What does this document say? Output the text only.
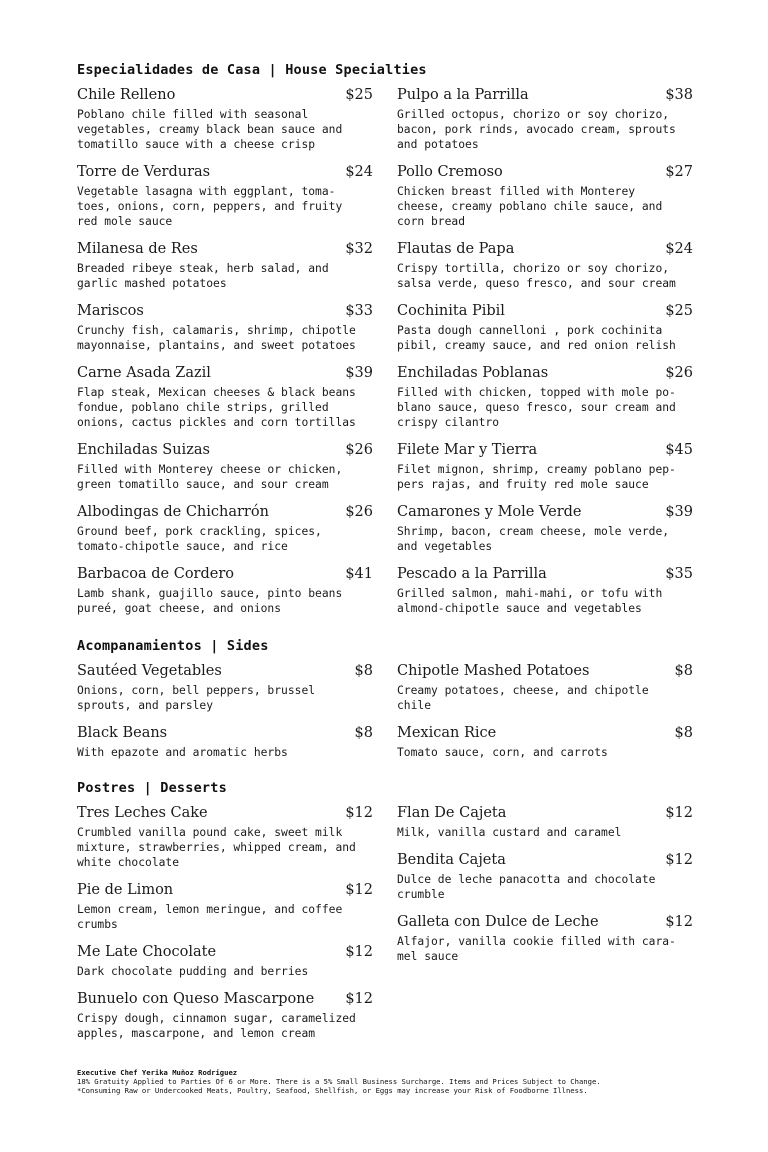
Especialidades de Casa | House Specialties
Chile Relleno	$25
Poblano chile filled with seasonal
vegetables, creamy black bean sauce and
tomatillo sauce with a cheese crisp
Torre de Verduras	$24
Vegetable lasagna with eggplant, toma-
toes, onions, corn, peppers, and fruity
red mole sauce
Milanesa de Res	$32
Breaded ribeye steak, herb salad, and
garlic mashed potatoes
Mariscos	$33
Crunchy fish, calamaris, shrimp, chipotle
mayonnaise, plantains, and sweet potatoes
Carne Asada Zazil	$39
Flap steak, Mexican cheeses & black beans
fondue, poblano chile strips, grilled
onions, cactus pickles and corn tortillas
Enchiladas Suizas	$26
Filled with Monterey cheese or chicken,
green tomatillo sauce, and sour cream
Albodingas de Chicharrón	$26
Ground beef, pork crackling, spices,
tomato-chipotle sauce, and rice
Barbacoa de Cordero	$41
Lamb shank, guajillo sauce, pinto beans
pureé, goat cheese, and onions
Pulpo a la Parrilla	$38
Grilled octopus, chorizo or soy chorizo,
bacon, pork rinds, avocado cream, sprouts
and potatoes
Pollo Cremoso	$27
Chicken breast filled with Monterey
cheese, creamy poblano chile sauce, and
corn bread
Flautas de Papa	$24
Crispy tortilla, chorizo or soy chorizo,
salsa verde, queso fresco, and sour cream
Cochinita Pibil	$25
Pasta dough cannelloni , pork cochinita
pibil, creamy sauce, and red onion relish
Enchiladas Poblanas	$26
Filled with chicken, topped with mole po-
blano sauce, queso fresco, sour cream and
crispy cilantro
Filete Mar y Tierra	$45
Filet mignon, shrimp, creamy poblano pep-
pers rajas, and fruity red mole sauce
Camarones y Mole Verde	$39
Shrimp, bacon, cream cheese, mole verde,
and vegetables
Pescado a la Parrilla	$35
Grilled salmon, mahi-mahi, or tofu with
almond-chipotle sauce and vegetables
Acompanamientos | Sides
Sautéed Vegetables	$8
Onions, corn, bell peppers, brussel
sprouts, and parsley
Black Beans	$8
With epazote and aromatic herbs
Chipotle Mashed Potatoes	$8
Creamy potatoes, cheese, and chipotle
chile
Mexican Rice	$8
Tomato sauce, corn, and carrots
Postres | Desserts
Tres Leches Cake	$12
Crumbled vanilla pound cake, sweet milk
mixture, strawberries, whipped cream, and
white chocolate
Pie de Limon	$12
Lemon cream, lemon meringue, and coffee
crumbs
Me Late Chocolate	$12
Dark chocolate pudding and berries
Bunuelo con Queso Mascarpone $12
Crispy dough, cinnamon sugar, caramelized
apples, mascarpone, and lemon cream
Flan De Cajeta	$12
Milk, vanilla custard and caramel
Bendita Cajeta	$12
Dulce de leche panacotta and chocolate
crumble
Galleta con Dulce de Leche	$12
Alfajor, vanilla cookie filled with cara-
mel sauce
Executive Chef Yerika Muñoz Rodriguez
18% Gratuity Applied to Parties Of 6 or More. There is a 5% Small Business Surcharge. Items and Prices Subject to Change.
*Consuming Raw or Undercooked Meats, Poultry, Seafood, Shellfish, or Eggs may increase your Risk of Foodborne Illness.
